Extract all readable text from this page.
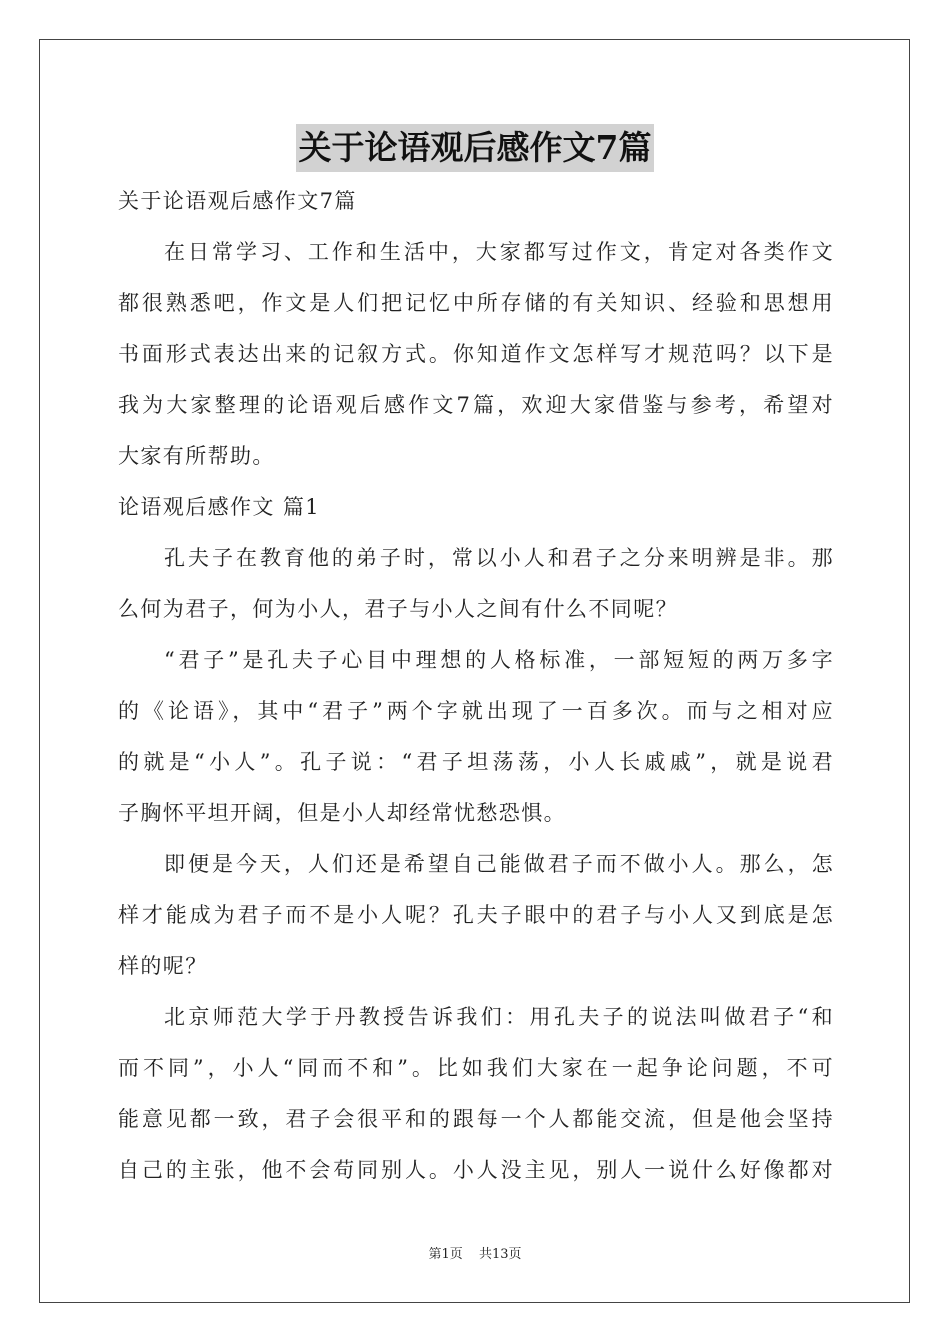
关于论语观后感作文7篇
关于论语观后感作文7篇
在日常学习、工作和生活中，大家都写过作文，肯定对各类作文
都很熟悉吧，作文是人们把记忆中所存储的有关知识、经验和思想用
书面形式表达出来的记叙方式。你知道作文怎样写才规范吗？以下是
我为大家整理的论语观后感作文7篇，欢迎大家借鉴与参考，希望对
大家有所帮助。
论语观后感作文 篇1
孔夫子在教育他的弟子时，常以小人和君子之分来明辨是非。那
么何为君子，何为小人，君子与小人之间有什么不同呢？
“君子”是孔夫子心目中理想的人格标准，一部短短的两万多字
的《论语》，其中“君子”两个字就出现了一百多次。而与之相对应
的就是“小人”。孔子说：“君子坦荡荡，小人长戚戚”，就是说君
子胸怀平坦开阔，但是小人却经常忧愁恐惧。
即便是今天，人们还是希望自己能做君子而不做小人。那么，怎
样才能成为君子而不是小人呢？孔夫子眼中的君子与小人又到底是怎
样的呢？
北京师范大学于丹教授告诉我们：用孔夫子的说法叫做君子“和
而不同”，小人“同而不和”。比如我们大家在一起争论问题，不可
能意见都一致，君子会很平和的跟每一个人都能交流，但是他会坚持
自己的主张，他不会苟同别人。小人没主见，别人一说什么好像都对
第1页 共13页
